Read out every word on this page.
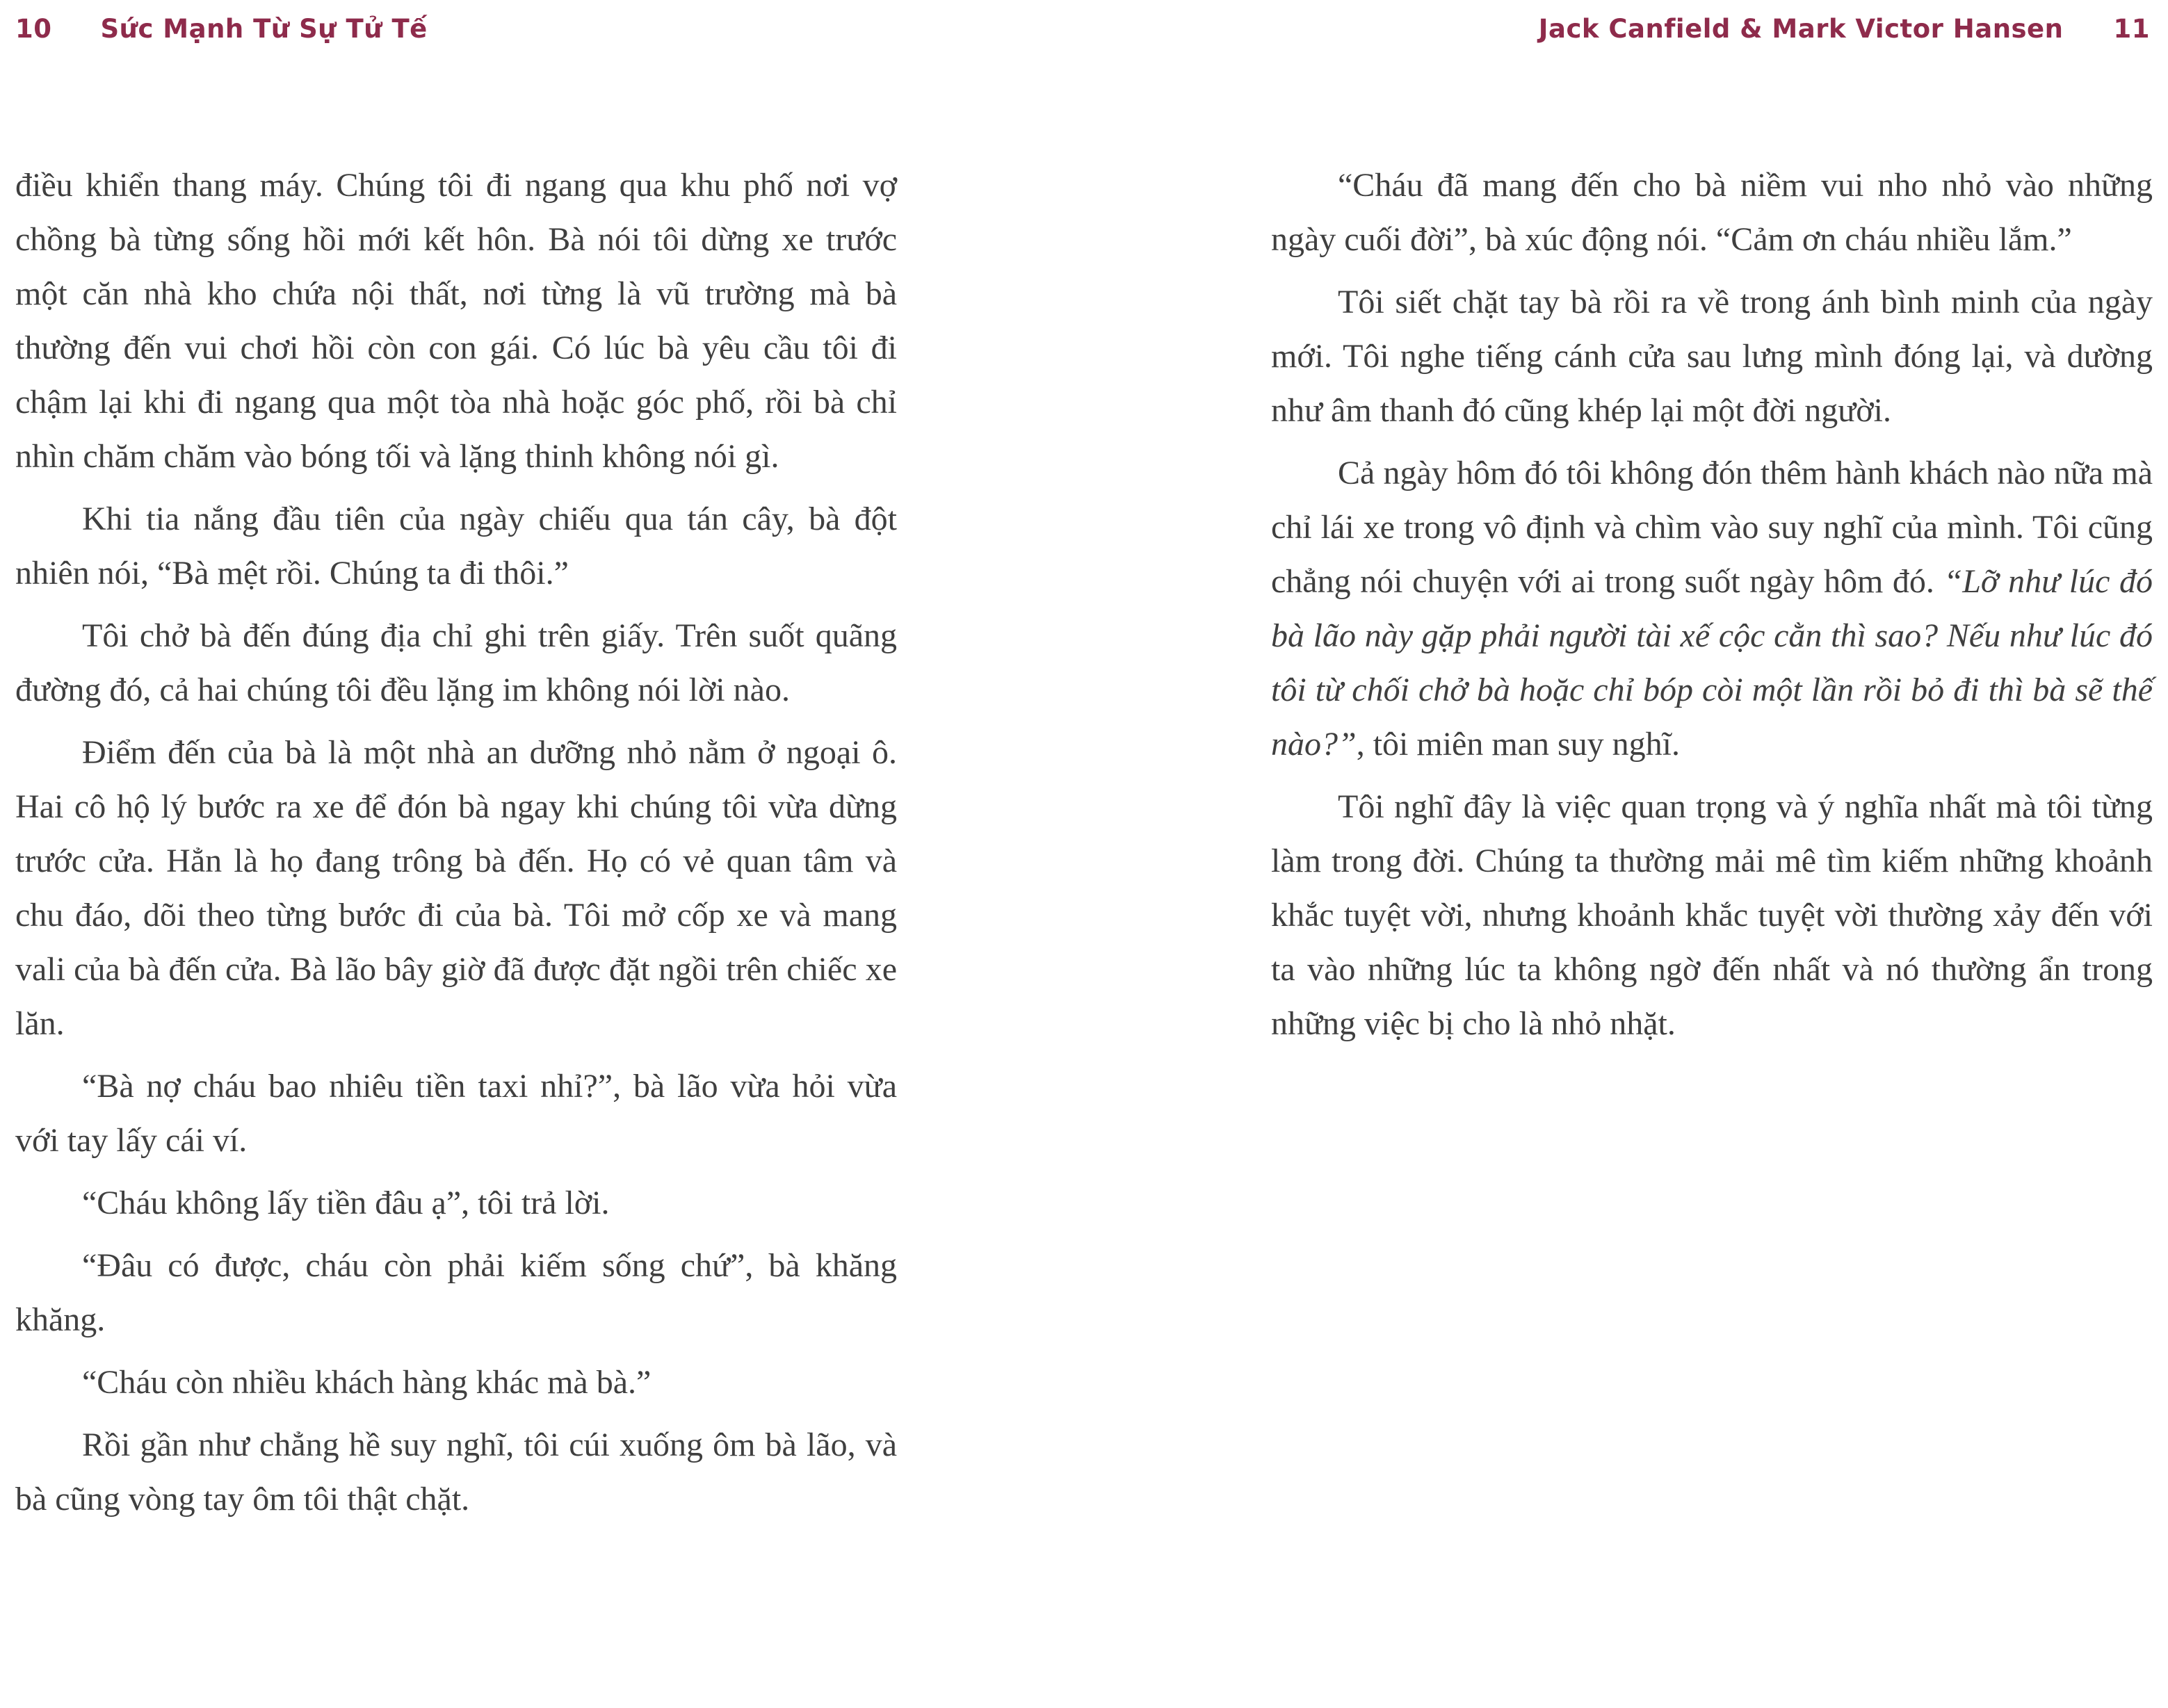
10 Sức Mạnh Từ Sự Tử Tế	Jack Canfield & Mark Victor Hansen 11

điều khiển thang máy. Chúng tôi đi ngang qua khu phố nơi vợ chồng bà từng sống hồi mới kết hôn. Bà nói tôi dừng xe trước một căn nhà kho chứa nội thất, nơi từng là vũ trường mà bà thường đến vui chơi hồi còn con gái. Có lúc bà yêu cầu tôi đi chậm lại khi đi ngang qua một tòa nhà hoặc góc phố, rồi bà chỉ nhìn chăm chăm vào bóng tối và lặng thinh không nói gì.

Khi tia nắng đầu tiên của ngày chiếu qua tán cây, bà đột nhiên nói, “Bà mệt rồi. Chúng ta đi thôi.”

Tôi chở bà đến đúng địa chỉ ghi trên giấy. Trên suốt quãng đường đó, cả hai chúng tôi đều lặng im không nói lời nào.

Điểm đến của bà là một nhà an dưỡng nhỏ nằm ở ngoại ô. Hai cô hộ lý bước ra xe để đón bà ngay khi chúng tôi vừa dừng trước cửa. Hẳn là họ đang trông bà đến. Họ có vẻ quan tâm và chu đáo, dõi theo từng bước đi của bà. Tôi mở cốp xe và mang vali của bà đến cửa. Bà lão bây giờ đã được đặt ngồi trên chiếc xe lăn.

“Bà nợ cháu bao nhiêu tiền taxi nhỉ?”, bà lão vừa hỏi vừa với tay lấy cái ví.

“Cháu không lấy tiền đâu ạ”, tôi trả lời.

“Đâu có được, cháu còn phải kiếm sống chứ”, bà khăng khăng.

“Cháu còn nhiều khách hàng khác mà bà.”

Rồi gần như chẳng hề suy nghĩ, tôi cúi xuống ôm bà lão, và bà cũng vòng tay ôm tôi thật chặt.

“Cháu đã mang đến cho bà niềm vui nho nhỏ vào những ngày cuối đời”, bà xúc động nói. “Cảm ơn cháu nhiều lắm.”

Tôi siết chặt tay bà rồi ra về trong ánh bình minh của ngày mới. Tôi nghe tiếng cánh cửa sau lưng mình đóng lại, và dường như âm thanh đó cũng khép lại một đời người.

Cả ngày hôm đó tôi không đón thêm hành khách nào nữa mà chỉ lái xe trong vô định và chìm vào suy nghĩ của mình. Tôi cũng chẳng nói chuyện với ai trong suốt ngày hôm đó. “Lỡ như lúc đó bà lão này gặp phải người tài xế cộc cằn thì sao? Nếu như lúc đó tôi từ chối chở bà hoặc chỉ bóp còi một lần rồi bỏ đi thì bà sẽ thế nào?”, tôi miên man suy nghĩ.

Tôi nghĩ đây là việc quan trọng và ý nghĩa nhất mà tôi từng làm trong đời. Chúng ta thường mải mê tìm kiếm những khoảnh khắc tuyệt vời, nhưng khoảnh khắc tuyệt vời thường xảy đến với ta vào những lúc ta không ngờ đến nhất và nó thường ẩn trong những việc bị cho là nhỏ nhặt.
